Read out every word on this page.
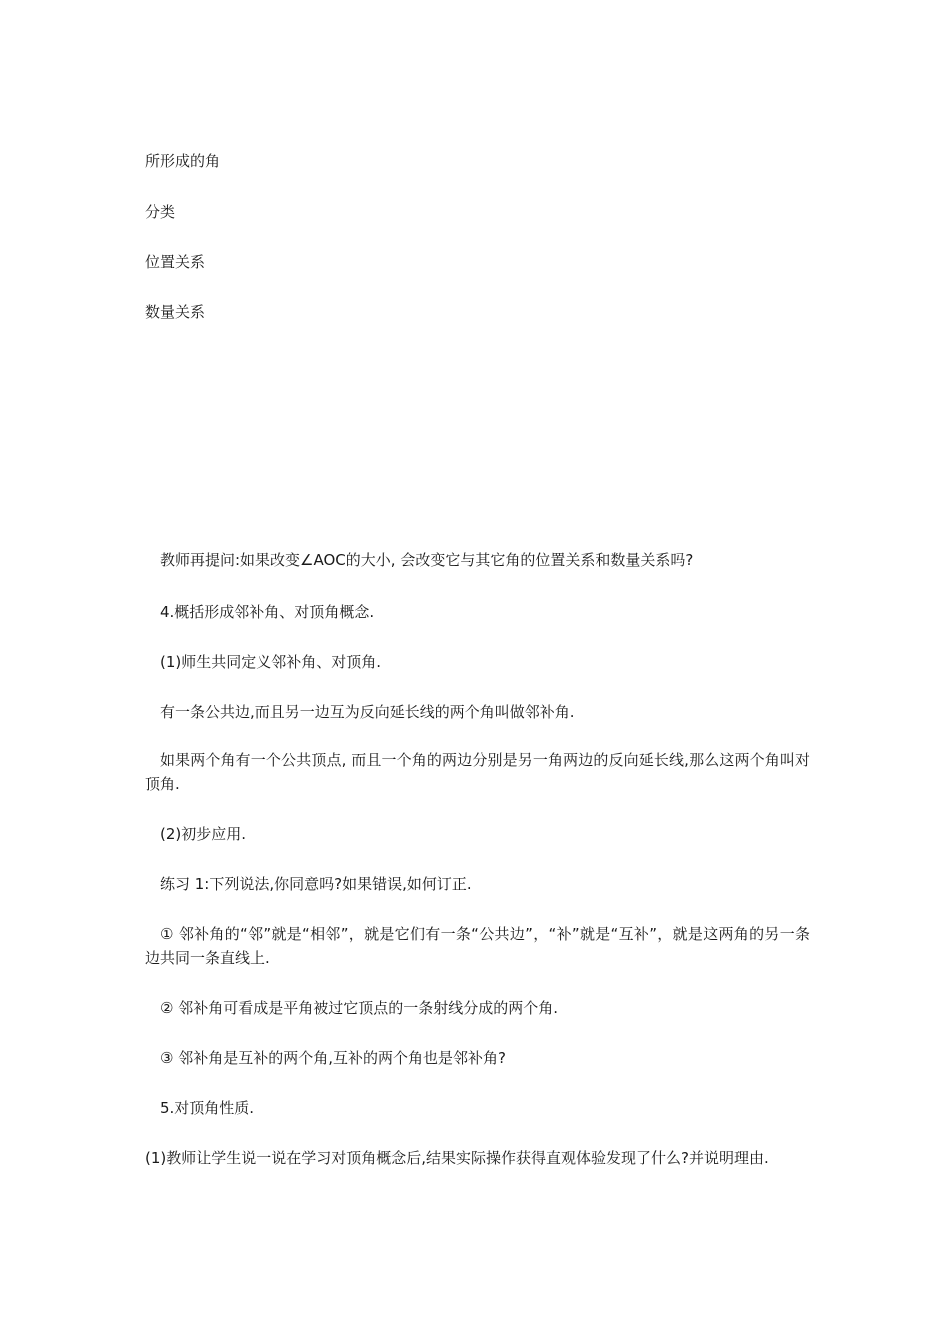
所形成的角

分类

位置关系

数量关系

教师再提问:如果改变∠AOC的大小, 会改变它与其它角的位置关系和数量关系吗?

4.概括形成邻补角、对顶角概念.

(1)师生共同定义邻补角、对顶角.

有一条公共边,而且另一边互为反向延长线的两个角叫做邻补角.

如果两个角有一个公共顶点, 而且一个角的两边分别是另一角两边的反向延长线,那么这两个角叫对顶角.

(2)初步应用.

练习 1:下列说法,你同意吗?如果错误,如何订正.

① 邻补角的“邻”就是“相邻”，就是它们有一条“公共边”，“补”就是“互补”，就是这两角的另一条边共同一条直线上.

② 邻补角可看成是平角被过它顶点的一条射线分成的两个角.

③ 邻补角是互补的两个角,互补的两个角也是邻补角?

5.对顶角性质.

(1)教师让学生说一说在学习对顶角概念后,结果实际操作获得直观体验发现了什么?并说明理由.
